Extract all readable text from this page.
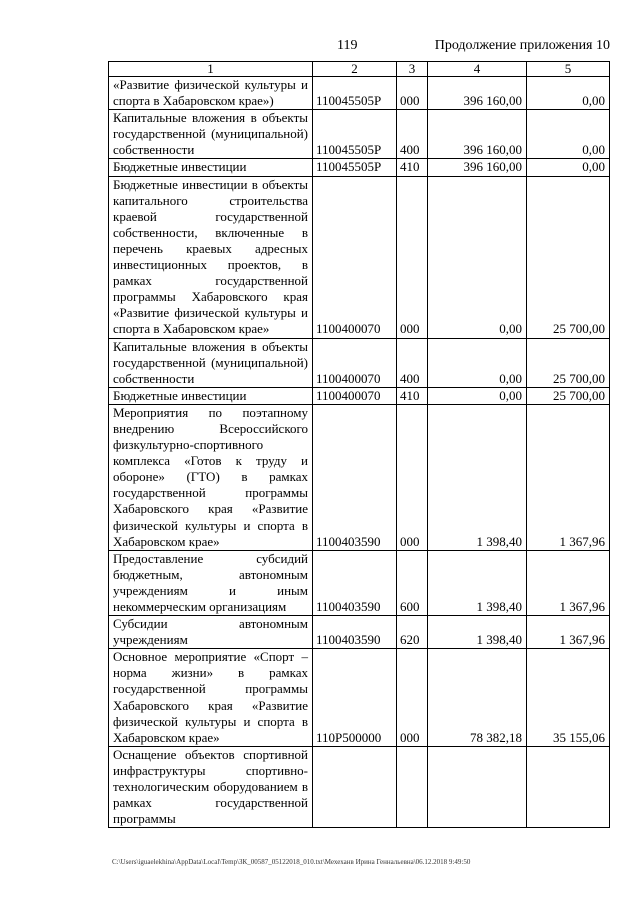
119	Продолжение приложения 10
1	2	3	4	5
«Развитие физической культуры и спорта в Хабаровском крае»)	110045505Р	000	396 160,00	0,00
Капитальные вложения в объекты государственной (муниципальной) собственности	110045505Р	400	396 160,00	0,00
Бюджетные инвестиции	110045505Р	410	396 160,00	0,00
Бюджетные инвестиции в объекты капитального строительства краевой государственной собственности, включенные в перечень краевых адресных инвестиционных проектов, в рамках государственной программы Хабаровского края «Развитие физической культуры и спорта в Хабаровском крае»	1100400070	000	0,00	25 700,00
Капитальные вложения в объекты государственной (муниципальной) собственности	1100400070	400	0,00	25 700,00
Бюджетные инвестиции	1100400070	410	0,00	25 700,00
Мероприятия по поэтапному внедрению Всероссийского физкультурно-спортивного комплекса «Готов к труду и обороне» (ГТО) в рамках государственной программы Хабаровского края «Развитие физической культуры и спорта в Хабаровском крае»	1100403590	000	1 398,40	1 367,96
Предоставление субсидий бюджетным, автономным учреждениям и иным некоммерческим организациям	1100403590	600	1 398,40	1 367,96
Субсидии автономным учреждениям	1100403590	620	1 398,40	1 367,96
Основное мероприятие «Спорт – норма жизни» в рамках государственной программы Хабаровского края «Развитие физической культуры и спорта в Хабаровском крае»	110Р500000	000	78 382,18	35 155,06
Оснащение объектов спортивной инфраструктуры спортивно-технологическим оборудованием в рамках государственной программы				
C:\Users\iguaelekhina\AppData\Local\Temp\ЗК_00587_05122018_010.txt\Мехеханв Ирина Геннальевна\06.12.2018 9:49:50
